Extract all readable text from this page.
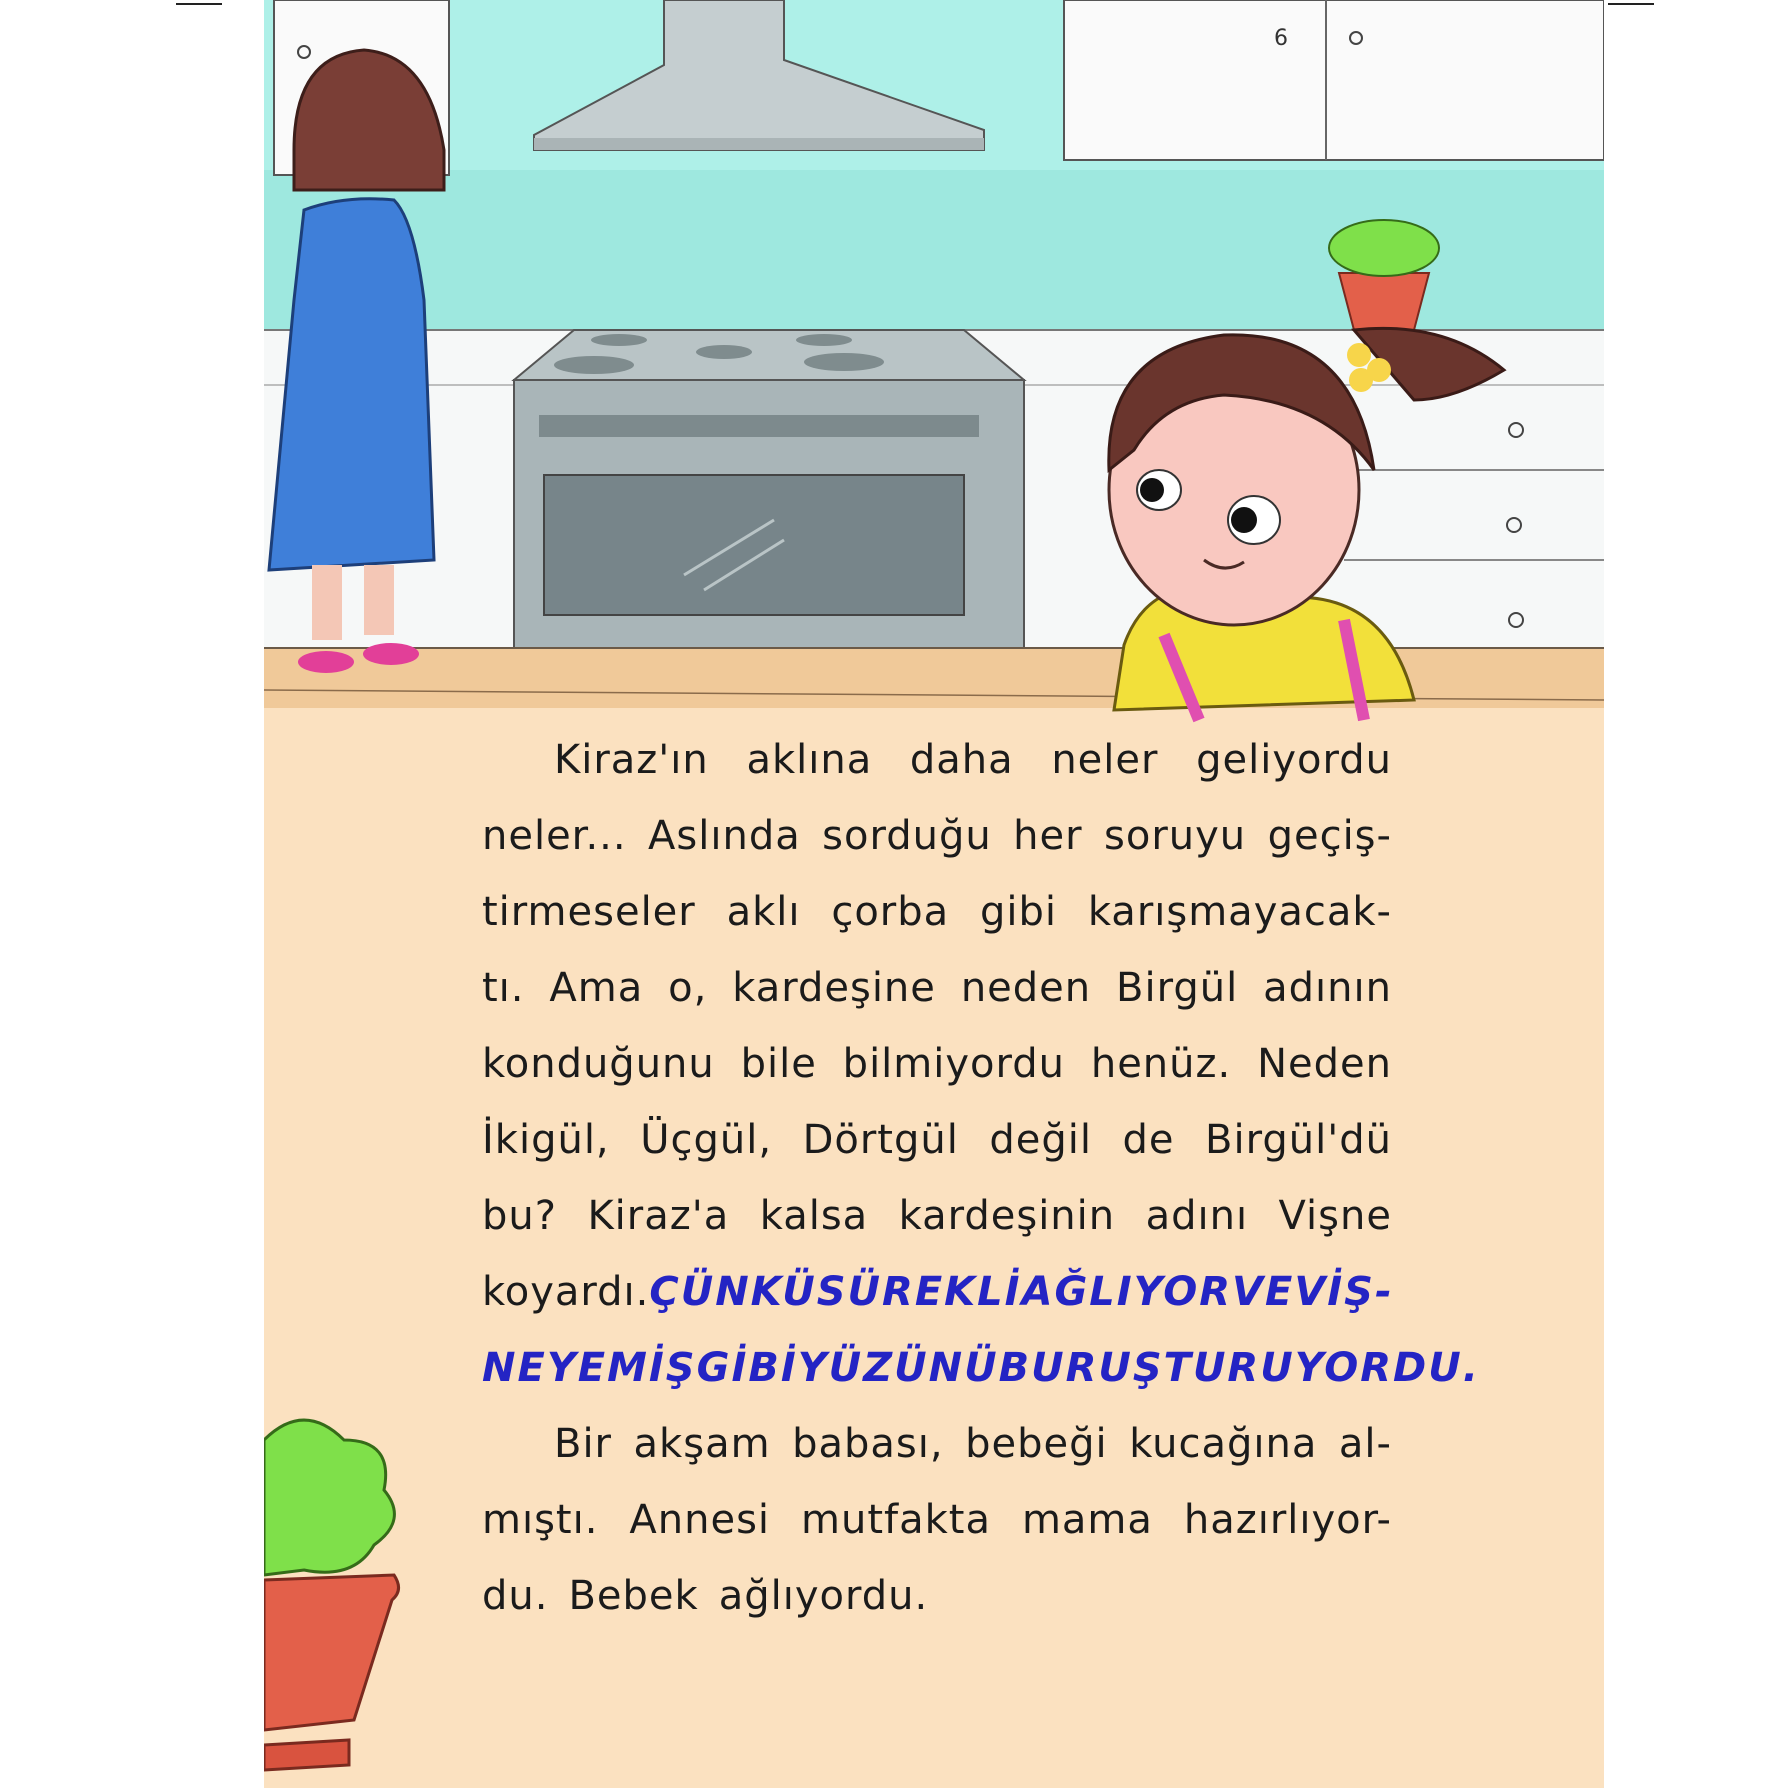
6
Kiraz'ın aklına daha neler geliyordu
neler... Aslında sorduğu her soruyu geçiş-
tirmeseler aklı çorba gibi karışmayacak-
tı. Ama o, kardeşine neden Birgül adının
konduğunu bile bilmiyordu henüz. Neden
İkigül, Üçgül, Dörtgül değil de Birgül'dü
bu? Kiraz'a kalsa kardeşinin adını Vişne
koyardı. ÇÜNKÜ SÜREKLİ AĞLIYOR VE VİŞ-
NE YEMİŞ GİBİ YÜZÜNÜ BURUŞTURUYORDU.
Bir akşam babası, bebeği kucağına al-
mıştı. Annesi mutfakta mama hazırlıyor-
du. Bebek ağlıyordu.
